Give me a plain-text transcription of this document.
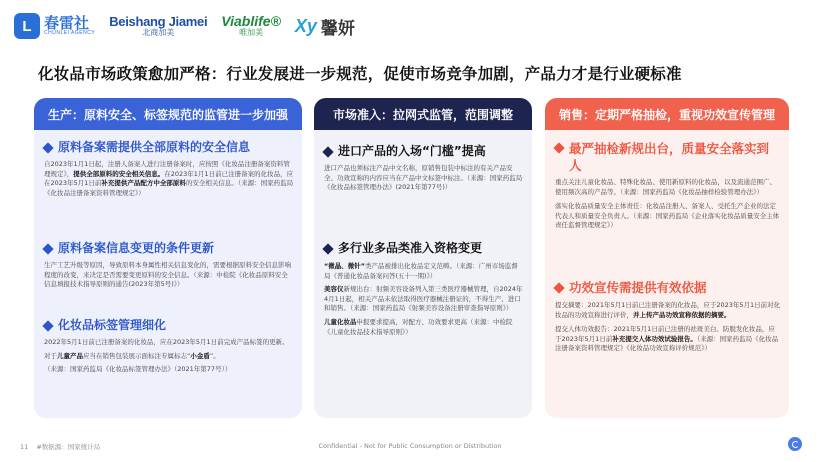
L 春雷社
CHUNLEI AGENCY
Beishang Jiamei
北商加美
Viablife®
唯加美	Xy 馨妍
化妆品市场政策愈加严格：行业发展进一步规范，促使市场竞争加剧，产品力才是行业硬标准
生产：原料安全、标签规范的监管进一步加强
原料备案需提供全部原料的安全信息
自2023年1月1日起，注册人备案人进行注册备案时，应按照《化妆品注册备案资料管理规定》，提供全部原料的安全相关信息。在2023年1月1日前已注册备案的化妆品，应在2023年5月1日前补充提供产品配方中全部原料的安全相关信息。（来源：国家药监局《化妆品注册备案资料管理规定》）
原料备案信息变更的条件更新
生产工艺升级等原因，导致原料本身属性相关信息变化的，需要根据原料安全信息影响程度的改变，来决定是否需要变更原料的安全信息。（来源：中检院《化妆品原料安全信息填报技术指导原则的通告(2023年第5号)》）
化妆品标签管理细化
2022年5月1日前已注册备案的化妆品，应在2023年5月1日前完成产品标签的更新。
对于儿童产品应当在销售包装展示面标注专属标志“小金盾”。
（来源：国家药监局《化妆品标签管理办法》（2021年第77号））
市场准入：拉网式监管，范围调整
进口产品的入场“门槛”提高
进口产品也须标注产品中文名称，原销售包装中标注的有关产品安全、功效宣称的内容应当在产品中文标签中标注。（来源：国家药监局《化妆品标签管理办法》(2021年第77号)）
多行业多品类准入资格变更
“微晶、微针”类产品被排出化妆品定义范畴。（来源：广州市场监督局《普通化妆品备案问答(五十一期)》）
美容仪新规出台：射频美容设备列入第三类医疗器械管理，自2024年4月1日起，相关产品未依法取得医疗器械注册证的，不得生产、进口和销售。（来源：国家药监局《射频美容设备注册审查指导原则》）
儿童化妆品申报要求提高，对配方、功效要求更高（来源：中检院《儿童化妆品技术指导原则》）
销售：定期严格抽检，重视功效宣传管理
最严抽检新规出台，质量安全落实到人
重点关注儿童化妆品、特殊化妆品、使用新原料的化妆品，以及流通范围广、使用频次高的产品等。（来源：国家药监局《化妆品抽样检验管理办法》）
落实化妆品质量安全主体责任：化妆品注册人、备案人、受托生产企业的法定代表人和质量安全负责人。（来源：国家药监局《企业落实化妆品质量安全主体责任监督管理规定》）
功效宣传需提供有效依据
提交摘要：2021年5月1日前已注册备案的化妆品，应于2023年5月1日前对化妆品的功效宣称进行评价，并上传产品功效宣称依据的摘要。
提交人体功效报告：2021年5月1日前已注册的祛斑美白、防脱发化妆品，应于2023年5月1日前补充提交人体功效试验报告。（来源：国家药监局《化妆品注册备案资料管理规定》《化妆品功效宣称评价规范》）
11 #数据源：国家统计局	Confidential - Not for Public Consumption or Distribution
